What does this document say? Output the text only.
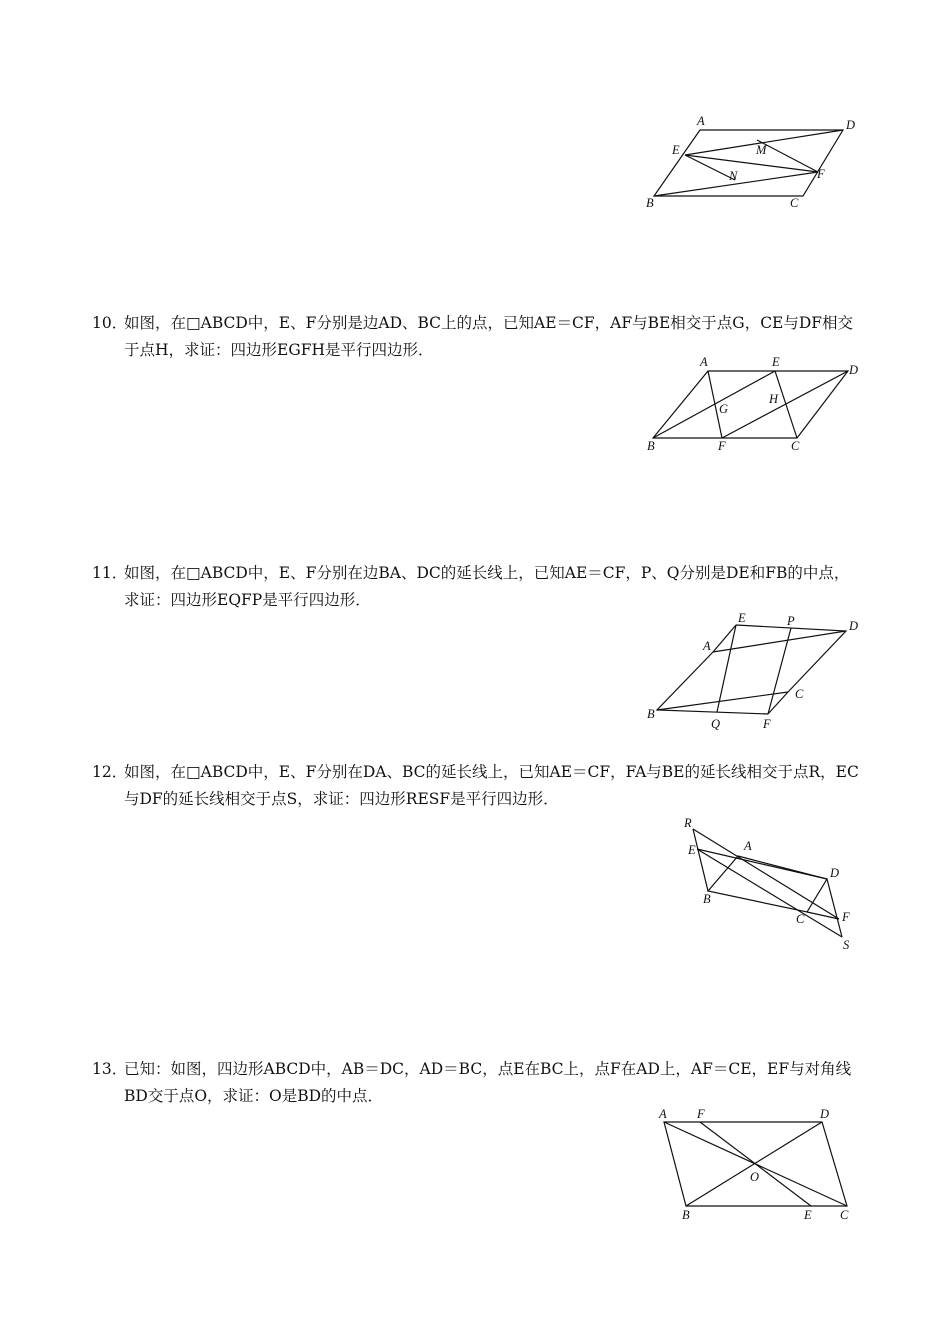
A	D
E	M
N	F
B	C
10．
如图，在□ABCD中，E、F分别是边AD、BC上的点，已知AE＝CF，AF与BE相交于点G，CE与DF相交于点H，求证：四边形EGFH是平行四边形．
A	E
D
G
H
B	F	C
11．
如图，在□ABCD中，E、F分别在边BA、DC的延长线上，已知AE＝CF，P、Q分别是DE和FB的中点，求证：四边形EQFP是平行四边形．
E	P	D
A
C
B
Q	F
12．
如图，在□ABCD中，E、F分别在DA、BC的延长线上，已知AE＝CF，FA与BE的延长线相交于点R，EC与DF的延长线相交于点S，求证：四边形RESF是平行四边形．
R
E	A
D
B
C	F
S
13．
已知：如图，四边形ABCD中，AB＝DC，AD＝BC，点E在BC上，点F在AD上，AF＝CE，EF与对角线BD交于点O，求证：O是BD的中点．
A F	D
O
B	E C
